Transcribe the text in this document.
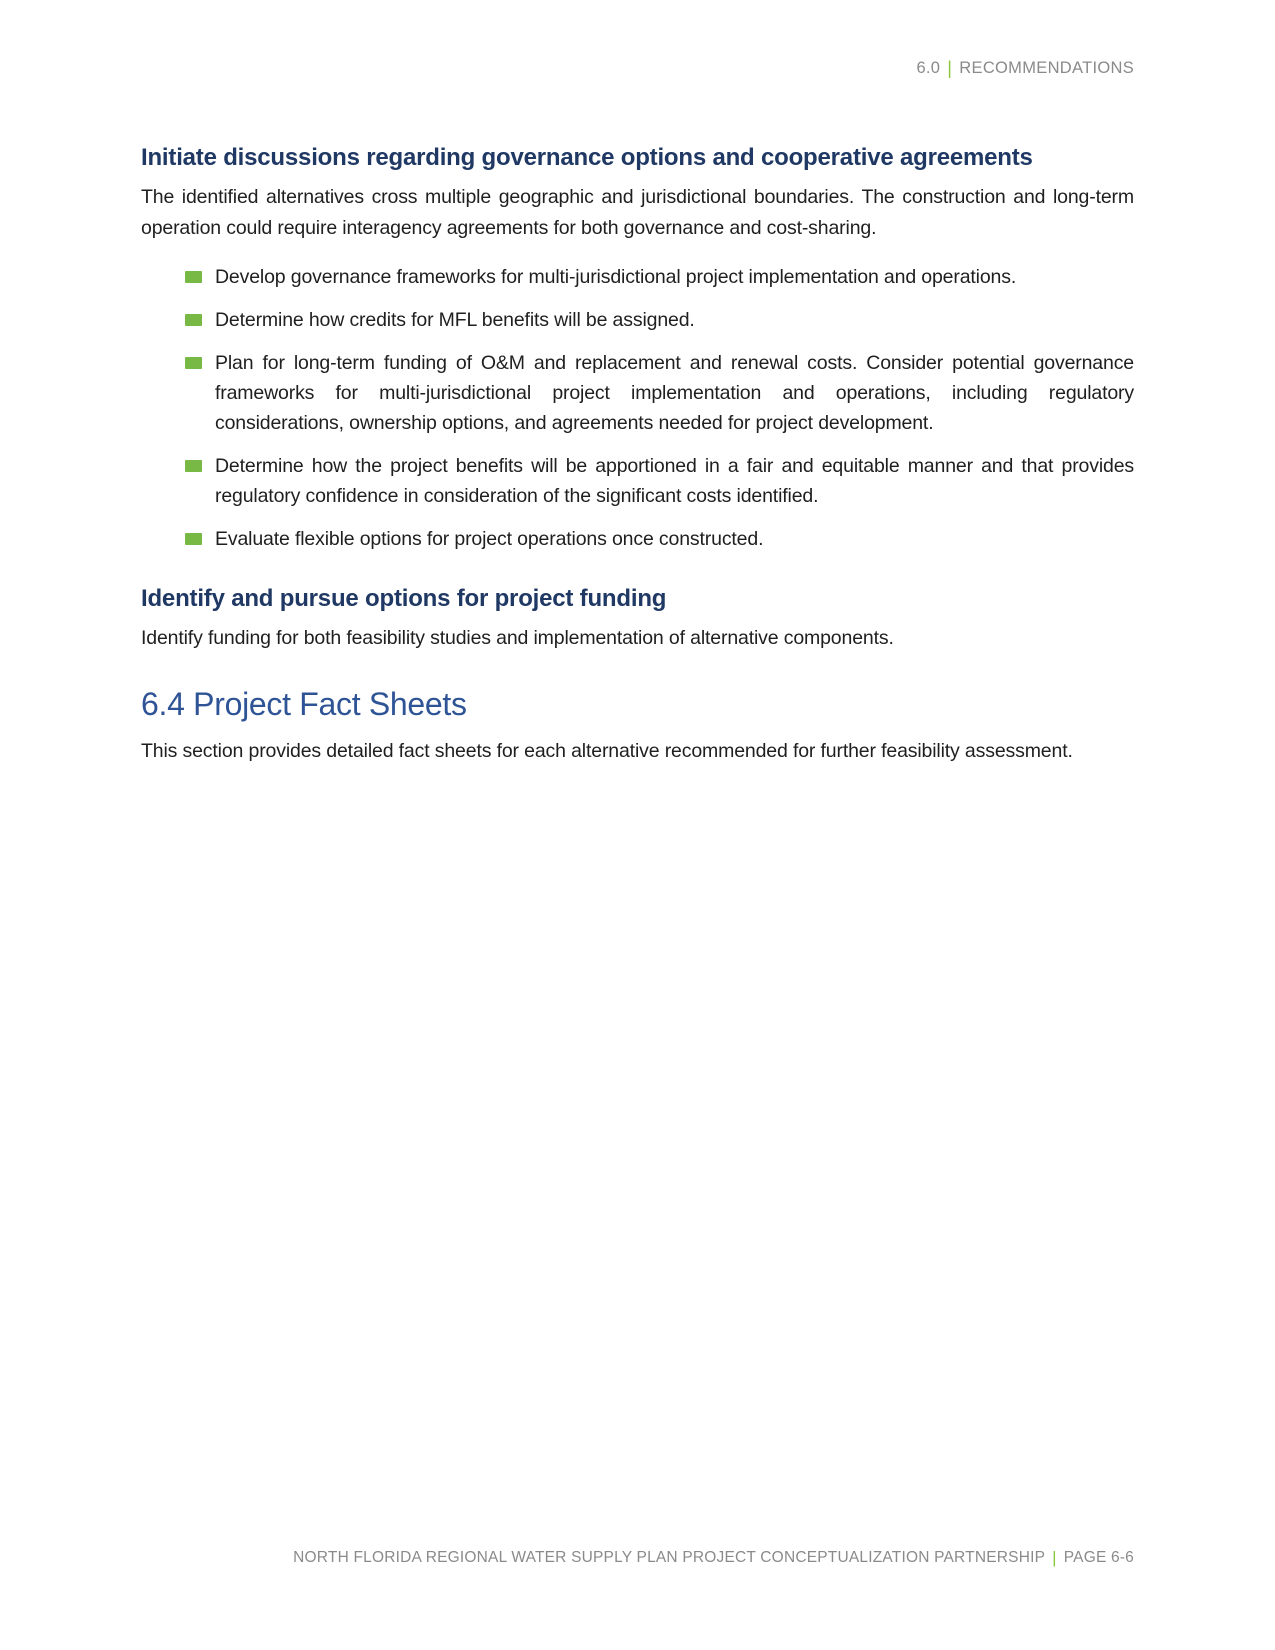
6.0 | RECOMMENDATIONS
Initiate discussions regarding governance options and cooperative agreements

The identified alternatives cross multiple geographic and jurisdictional boundaries. The construction and long-term operation could require interagency agreements for both governance and cost-sharing.

Develop governance frameworks for multi-jurisdictional project implementation and operations.
Determine how credits for MFL benefits will be assigned.
Plan for long-term funding of O&M and replacement and renewal costs. Consider potential governance frameworks for multi-jurisdictional project implementation and operations, including regulatory considerations, ownership options, and agreements needed for project development.
Determine how the project benefits will be apportioned in a fair and equitable manner and that provides regulatory confidence in consideration of the significant costs identified.
Evaluate flexible options for project operations once constructed.
Identify and pursue options for project funding

Identify funding for both feasibility studies and implementation of alternative components.

6.4 Project Fact Sheets

This section provides detailed fact sheets for each alternative recommended for further feasibility assessment.

NORTH FLORIDA REGIONAL WATER SUPPLY PLAN PROJECT CONCEPTUALIZATION PARTNERSHIP | PAGE 6-6
